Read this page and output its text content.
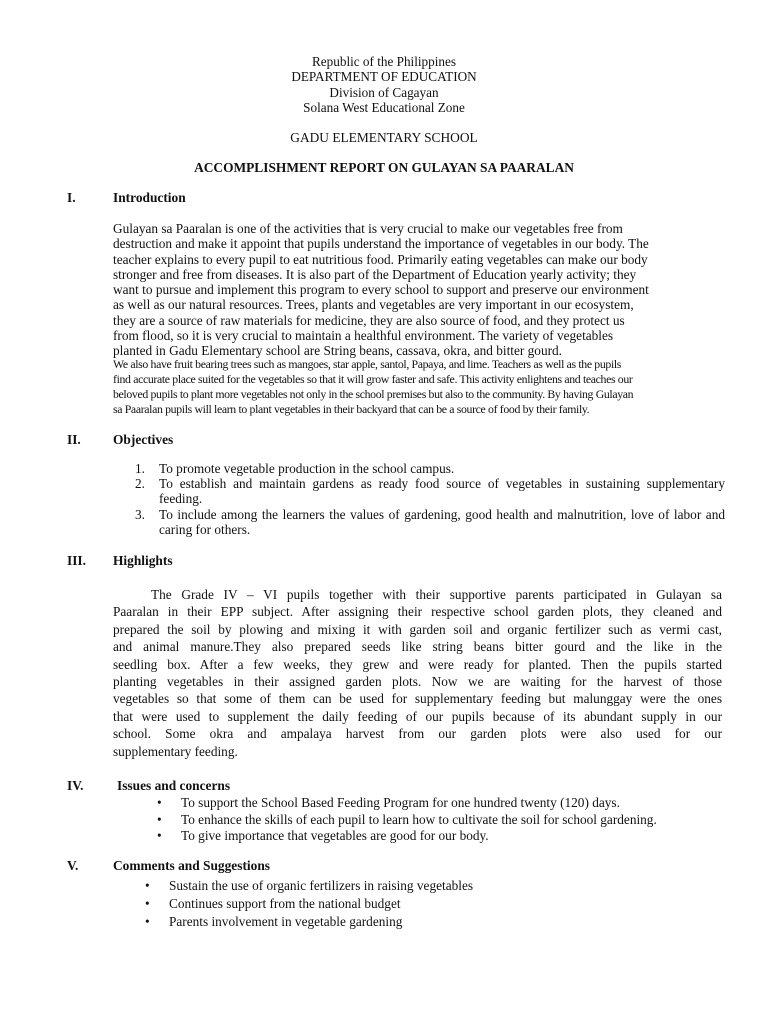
Republic of the Philippines
DEPARTMENT OF EDUCATION
Division of Cagayan
Solana West Educational Zone
GADU ELEMENTARY SCHOOL
ACCOMPLISHMENT REPORT ON GULAYAN SA PAARALAN
I.	Introduction
Gulayan sa Paaralan is one of the activities that is very crucial to make our vegetables free from
destruction and make it appoint that pupils understand the importance of vegetables in our body. The
teacher explains to every pupil to eat nutritious food. Primarily eating vegetables can make our body
stronger and free from diseases. It is also part of the Department of Education yearly activity; they
want to pursue and implement this program to every school to support and preserve our environment
as well as our natural resources. Trees, plants and vegetables are very important in our ecosystem,
they are a source of raw materials for medicine, they are also source of food, and they protect us
from flood, so it is very crucial to maintain a healthful environment. The variety of vegetables
planted in Gadu Elementary school are String beans, cassava, okra, and bitter gourd.
We also have fruit bearing trees such as mangoes, star apple, santol, Papaya, and lime. Teachers as well as the pupils
find accurate place suited for the vegetables so that it will grow faster and safe. This activity enlightens and teaches our
beloved pupils to plant more vegetables not only in the school premises but also to the community. By having Gulayan
sa Paaralan pupils will learn to plant vegetables in their backyard that can be a source of food by their family.
II. Objectives
1. To promote vegetable production in the school campus.
2. To establish and maintain gardens as ready food source of vegetables in sustaining supplementary feeding.
3. To include among the learners the values of gardening, good health and malnutrition, love of labor and caring for others.
III. Highlights
The Grade IV – VI pupils together with their supportive parents participated in Gulayan sa
Paaralan in their EPP subject. After assigning their respective school garden plots, they cleaned and
prepared the soil by plowing and mixing it with garden soil and organic fertilizer such as vermi cast,
and animal manure.They also prepared seeds like string beans bitter gourd and the like in the
seedling box. After a few weeks, they grew and were ready for planted. Then the pupils started
planting vegetables in their assigned garden plots. Now we are waiting for the harvest of those
vegetables so that some of them can be used for supplementary feeding but malunggay were the ones
that were used to supplement the daily feeding of our pupils because of its abundant supply in our
school. Some okra and ampalaya harvest from our garden plots were also used for our
supplementary feeding.
IV. Issues and concerns
• To support the School Based Feeding Program for one hundred twenty (120) days.
• To enhance the skills of each pupil to learn how to cultivate the soil for school gardening.
• To give importance that vegetables are good for our body.
V.	Comments and Suggestions
• Sustain the use of organic fertilizers in raising vegetables
• Continues support from the national budget
• Parents involvement in vegetable gardening
